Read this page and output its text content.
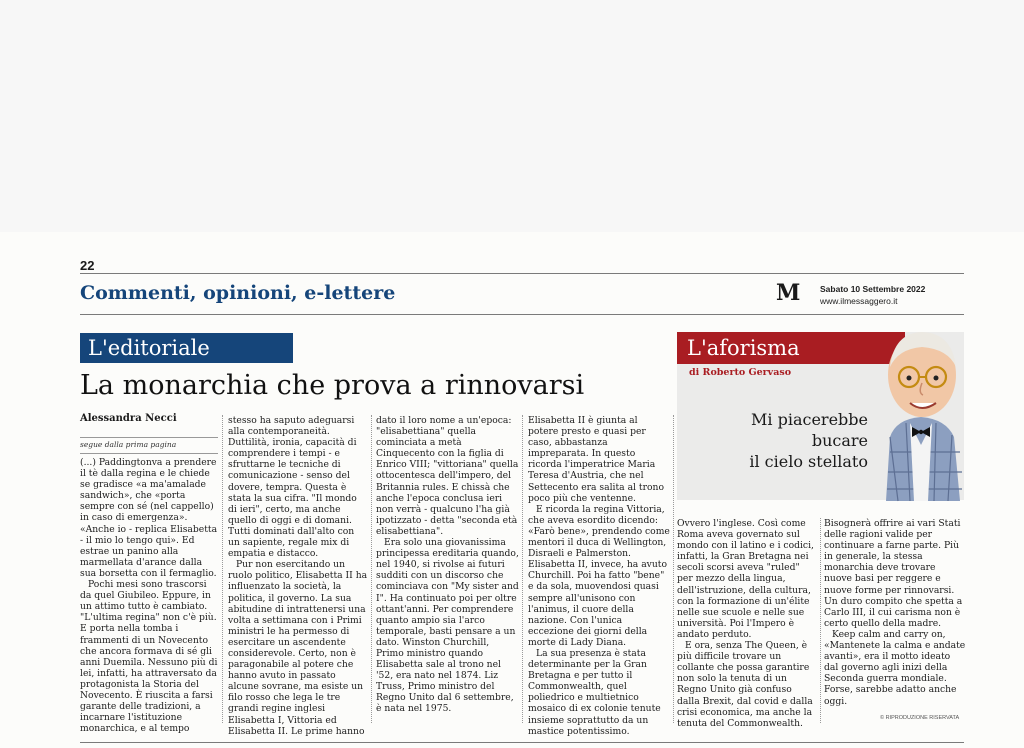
22
Commenti, opinioni, e-lettere	M Sabato 10 Settembre 2022
www.ilmessaggero.it
L'editoriale
La monarchia che prova a rinnovarsi
Alessandra Necci
segue dalla prima pagina

(...) Paddingtonva a prendere il tè dalla regina e le chiede se gradisce «a ma'amalade sandwich», che «porta sempre con sé (nel cappello) in caso di emergenza». «Anche io - replica Elisabetta - il mio lo tengo qui». Ed estrae un panino alla marmellata d'arance dalla sua borsetta con il fermaglio.

Pochi mesi sono trascorsi da quel Giubileo. Eppure, in un attimo tutto è cambiato. "L'ultima regina" non c'è più. E porta nella tomba i frammenti di un Novecento che ancora formava di sé gli anni Duemila. Nessuno più di lei, infatti, ha attraversato da protagonista la Storia del Novecento. È riuscita a farsi garante delle tradizioni, a incarnare l'istituzione monarchica, e al tempo

stesso ha saputo adeguarsi alla contemporaneità. Duttilità, ironia, capacità di comprendere i tempi - e sfruttarne le tecniche di comunicazione - senso del dovere, tempra. Questa è stata la sua cifra. "Il mondo di ieri", certo, ma anche quello di oggi e di domani. Tutti dominati dall'alto con un sapiente, regale mix di empatia e distacco.

Pur non esercitando un ruolo politico, Elisabetta II ha influenzato la società, la politica, il governo. La sua abitudine di intrattenersi una volta a settimana con i Primi ministri le ha permesso di esercitare un ascendente considerevole. Certo, non è paragonabile al potere che hanno avuto in passato alcune sovrane, ma esiste un filo rosso che lega le tre grandi regine inglesi Elisabetta I, Vittoria ed Elisabetta II. Le prime hanno

dato il loro nome a un'epoca: "elisabettiana" quella cominciata a metà Cinquecento con la figlia di Enrico VIII; "vittoriana" quella ottocentesca dell'impero, del Britannia rules. E chissà che anche l'epoca conclusa ieri non verrà - qualcuno l'ha già ipotizzato - detta "seconda età elisabettiana".

Era solo una giovanissima principessa ereditaria quando, nel 1940, si rivolse ai futuri sudditi con un discorso che cominciava con "My sister and I". Ha continuato poi per oltre ottant'anni. Per comprendere quanto ampio sia l'arco temporale, basti pensare a un dato. Winston Churchill, Primo ministro quando Elisabetta sale al trono nel '52, era nato nel 1874. Liz Truss, Primo ministro del Regno Unito dal 6 settembre, è nata nel 1975.

Elisabetta II è giunta al potere presto e quasi per caso, abbastanza impreparata. In questo ricorda l'imperatrice Maria Teresa d'Austria, che nel Settecento era salita al trono poco più che ventenne.

E ricorda la regina Vittoria, che aveva esordito dicendo: «Farò bene», prendendo come mentori il duca di Wellington, Disraeli e Palmerston. Elisabetta II, invece, ha avuto Churchill. Poi ha fatto "bene" e da sola, muovendosi quasi sempre all'unisono con l'animus, il cuore della nazione. Con l'unica eccezione dei giorni della morte di Lady Diana.

La sua presenza è stata determinante per la Gran Bretagna e per tutto il Commonwealth, quel poliedrico e multietnico mosaico di ex colonie tenute insieme soprattutto da un mastice potentissimo.

Ovvero l'inglese. Così come Roma aveva governato sul mondo con il latino e i codici, infatti, la Gran Bretagna nei secoli scorsi aveva "ruled" per mezzo della lingua, dell'istruzione, della cultura, con la formazione di un'élite nelle sue scuole e nelle sue università. Poi l'Impero è andato perduto.

E ora, senza The Queen, è più difficile trovare un collante che possa garantire non solo la tenuta di un Regno Unito già confuso dalla Brexit, dal covid e dalla crisi economica, ma anche la tenuta del Commonwealth.

Bisognerà offrire ai vari Stati delle ragioni valide per continuare a farne parte. Più in generale, la stessa monarchia deve trovare nuove basi per reggere e nuove forme per rinnovarsi. Un duro compito che spetta a Carlo III, il cui carisma non è certo quello della madre.

Keep calm and carry on, «Mantenete la calma e andate avanti», era il motto ideato dal governo agli inizi della Seconda guerra mondiale. Forse, sarebbe adatto anche oggi.

L'aforisma
di Roberto Gervaso
Mi piacerebbe
bucare
il cielo stellato
© RIPRODUZIONE RISERVATA
